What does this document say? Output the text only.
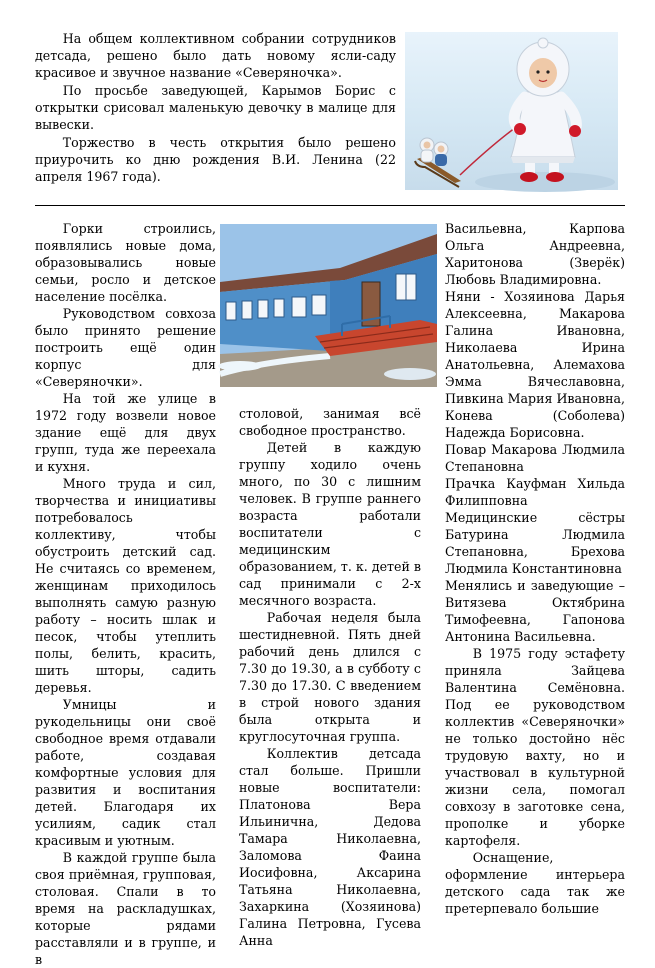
На общем коллективном собрании сотрудников детсада, решено было дать новому ясли-саду красивое и звучное название «Северяночка».

По просьбе заведующей, Карымов Борис с открытки срисовал маленькую девочку в малице для вывески.

Торжество в честь открытия было решено приурочить ко дню рождения В.И. Ленина (22 апреля 1967 года).

Горки строились, появлялись новые дома, образовывались новые семьи, росло и детское население посёлка.

Руководством совхоза было принято решение построить ещё один корпус для «Северяночки».

На той же улице в 1972 году возвели новое здание ещё для двух групп, туда же переехала и кухня.

Много труда и сил, творчества и инициативы потребовалось коллективу, чтобы обустроить детский сад. Не считаясь со временем, женщинам приходилось выполнять самую разную работу – носить шлак и песок, чтобы утеплить полы, белить, красить, шить шторы, садить деревья.

Умницы и рукодельницы они своё свободное время отдавали работе, создавая комфортные условия для развития и воспитания детей. Благодаря их усилиям, садик стал красивым и уютным.

В каждой группе была своя приёмная, групповая, столовая. Спали в то время на раскладушках, которые рядами расставляли и в группе, и в

столовой, занимая всё свободное пространство.

Детей в каждую группу ходило очень много, по 30 с лишним человек. В группе раннего возраста работали воспитатели с медицинским образованием, т. к. детей в сад принимали с 2-х месячного возраста.

Рабочая неделя была шестидневной. Пять дней рабочий день длился с 7.30 до 19.30, а в субботу с 7.30 до 17.30. С введением в строй нового здания была открыта и круглосуточная группа.

Коллектив детсада стал больше. Пришли новые воспитатели: Платонова Вера Ильинична, Дедова Тамара Николаевна, Заломова Фаина Иосифовна, Аксарина Татьяна Николаевна, Захаркина (Хозяинова) Галина Петровна, Гусева Анна

Васильевна, Карпова Ольга Андреевна, Харитонова (Зверёк) Любовь Владимировна.

Няни - Хозяинова Дарья Алексеевна, Макарова Галина Ивановна, Николаева Ирина Анатольевна, Алемахова Эмма Вячеславовна, Пивкина Мария Ивановна, Конева (Соболева) Надежда Борисовна.

Повар Макарова Людмила Степановна

Прачка Кауфман Хильда Филипповна

Медицинские сёстры Батурина Людмила Степановна, Брехова Людмила Константиновна

Менялись и заведующие – Витязева Октябрина Тимофеевна, Гапонова Антонина Васильевна.

В 1975 году эстафету приняла Зайцева Валентина Семёновна. Под ее руководством коллектив «Северяночки» не только достойно нёс трудовую вахту, но и участвовал в культурной жизни села, помогал совхозу в заготовке сена, прополке и уборке картофеля.

Оснащение, оформление интерьера детского сада так же претерпевало большие
